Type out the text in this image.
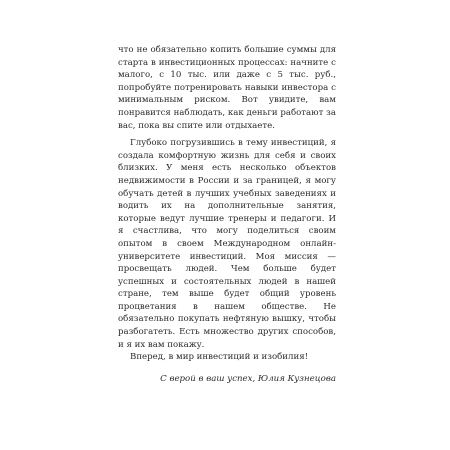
что не обязательно копить большие суммы для старта в инвестиционных процессах: начните с малого, с 10 тыс. или даже с 5 тыс. руб., попробуйте потренировать навыки инвестора с минимальным риском. Вот увидите, вам понравится наблюдать, как деньги работают за вас, пока вы спите или отдыхаете.

Глубоко погрузившись в тему инвестиций, я создала комфортную жизнь для себя и своих близких. У меня есть несколько объектов недвижимости в России и за границей, я могу обучать детей в лучших учебных заведениях и водить их на дополнительные занятия, которые ведут лучшие тренеры и педагоги. И я счастлива, что могу поделиться своим опытом в своем Международном онлайн-университете инвестиций. Моя миссия — просвещать людей. Чем больше будет успешных и состоятельных людей в нашей стране, тем выше будет общий уровень процветания в нашем обществе. Не обязательно покупать нефтяную вышку, чтобы разбогатеть. Есть множество других способов, и я их вам покажу.

Вперед, в мир инвестиций и изобилия!

С верой в ваш успех, Юлия Кузнецова
